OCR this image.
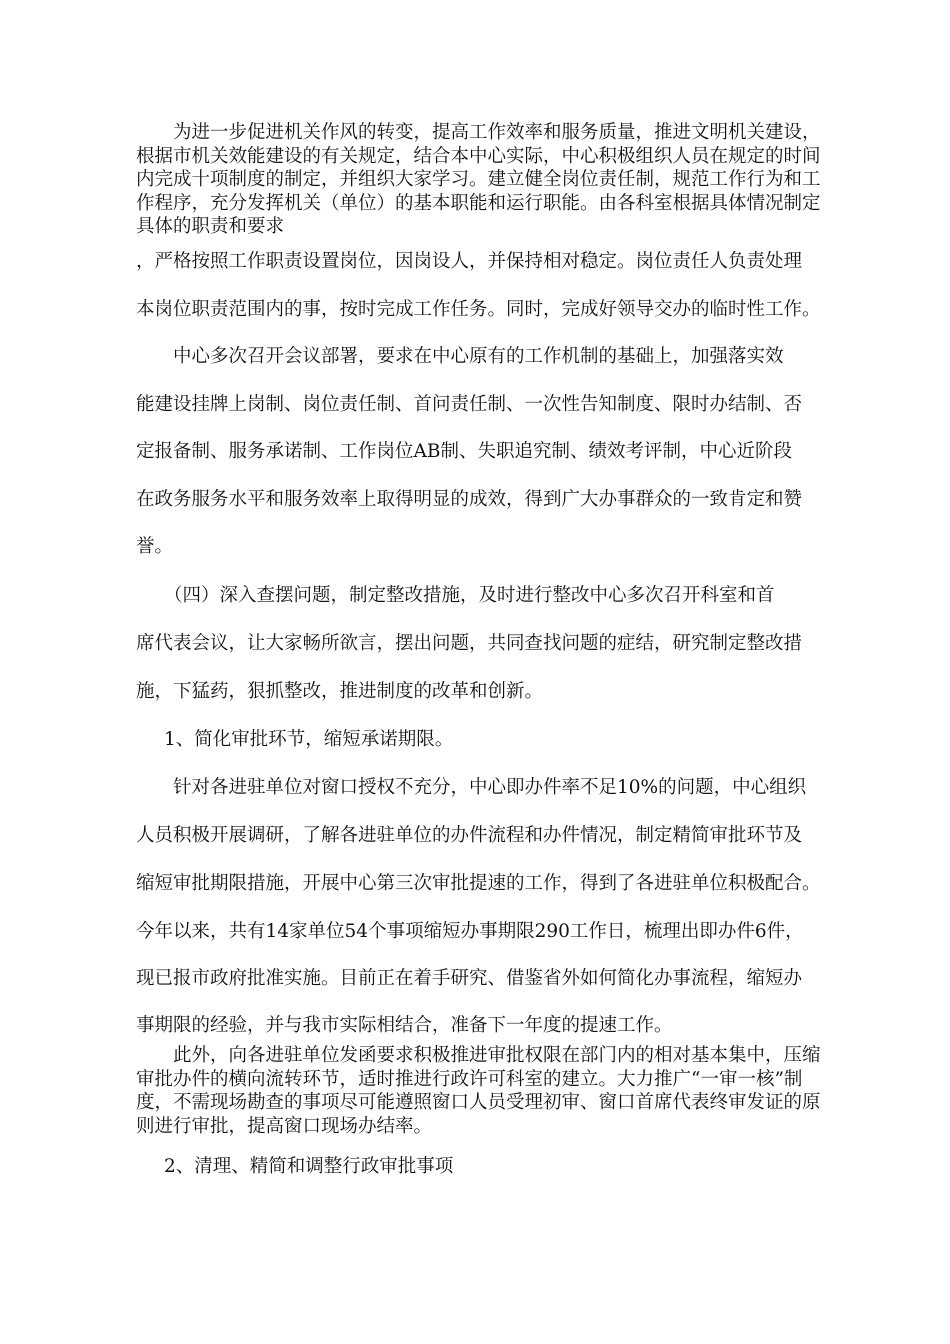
为进一步促进机关作风的转变，提高工作效率和服务质量，推进文明机关建设，根据市机关效能建设的有关规定，结合本中心实际，中心积极组织人员在规定的时间内完成十项制度的制定，并组织大家学习。建立健全岗位责任制，规范工作行为和工作程序，充分发挥机关（单位）的基本职能和运行职能。由各科室根据具体情况制定具体的职责和要求

，严格按照工作职责设置岗位，因岗设人，并保持相对稳定。岗位责任人负责处理

本岗位职责范围内的事，按时完成工作任务。同时，完成好领导交办的临时性工作。

中心多次召开会议部署，要求在中心原有的工作机制的基础上，加强落实效

能建设挂牌上岗制、岗位责任制、首问责任制、一次性告知制度、限时办结制、否

定报备制、服务承诺制、工作岗位AB制、失职追究制、绩效考评制，中心近阶段

在政务服务水平和服务效率上取得明显的成效，得到广大办事群众的一致肯定和赞

誉。

（四）深入查摆问题，制定整改措施，及时进行整改中心多次召开科室和首

席代表会议，让大家畅所欲言，摆出问题，共同查找问题的症结，研究制定整改措

施，下猛药，狠抓整改，推进制度的改革和创新。

1、简化审批环节，缩短承诺期限。

针对各进驻单位对窗口授权不充分，中心即办件率不足10%的问题，中心组织

人员积极开展调研，了解各进驻单位的办件流程和办件情况，制定精简审批环节及

缩短审批期限措施，开展中心第三次审批提速的工作，得到了各进驻单位积极配合。

今年以来，共有14家单位54个事项缩短办事期限290工作日，梳理出即办件6件，

现已报市政府批准实施。目前正在着手研究、借鉴省外如何简化办事流程，缩短办

事期限的经验，并与我市实际相结合，准备下一年度的提速工作。

此外，向各进驻单位发函要求积极推进审批权限在部门内的相对基本集中，压缩审批办件的横向流转环节，适时推进行政许可科室的建立。大力推广“一审一核”制度，不需现场勘查的事项尽可能遵照窗口人员受理初审、窗口首席代表终审发证的原则进行审批，提高窗口现场办结率。

2、清理、精简和调整行政审批事项
